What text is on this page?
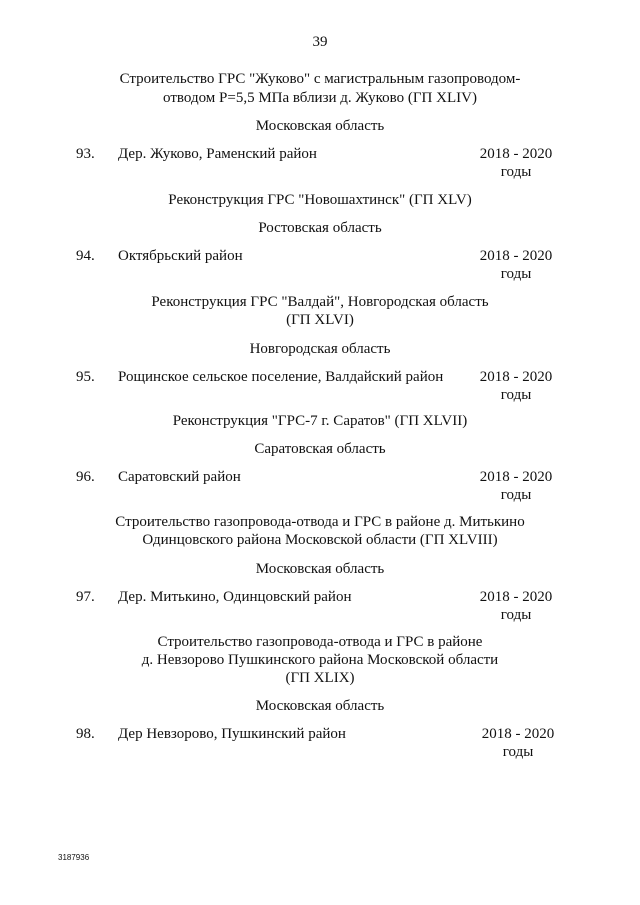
39
Строительство ГРС "Жуково" с магистральным газопроводом-
отводом Р=5,5 МПа вблизи д. Жуково (ГП XLIV)
Московская область
93.	Дер. Жуково, Раменский район	2018 - 2020
годы
Реконструкция ГРС "Новошахтинск" (ГП XLV)
Ростовская область
94.	Октябрьский район	2018 - 2020
годы
Реконструкция ГРС "Валдай", Новгородская область
(ГП XLVI)
Новгородская область
95.	Рощинское сельское поселение, Валдайский район 2018 - 2020
годы
Реконструкция "ГРС-7 г. Саратов" (ГП XLVII)
Саратовская область
96.	Саратовский район	2018 - 2020
годы
Строительство газопровода-отвода и ГРС в районе д. Митькино
Одинцовского района Московской области (ГП XLVIII)
Московская область
97.	Дер. Митькино, Одинцовский район	2018 - 2020
годы
Строительство газопровода-отвода и ГРС в районе
д. Невзорово Пушкинского района Московской области
(ГП XLIX)
Московская область
98.	Дер Невзорово, Пушкинский район	2018 - 2020
годы
3187936
